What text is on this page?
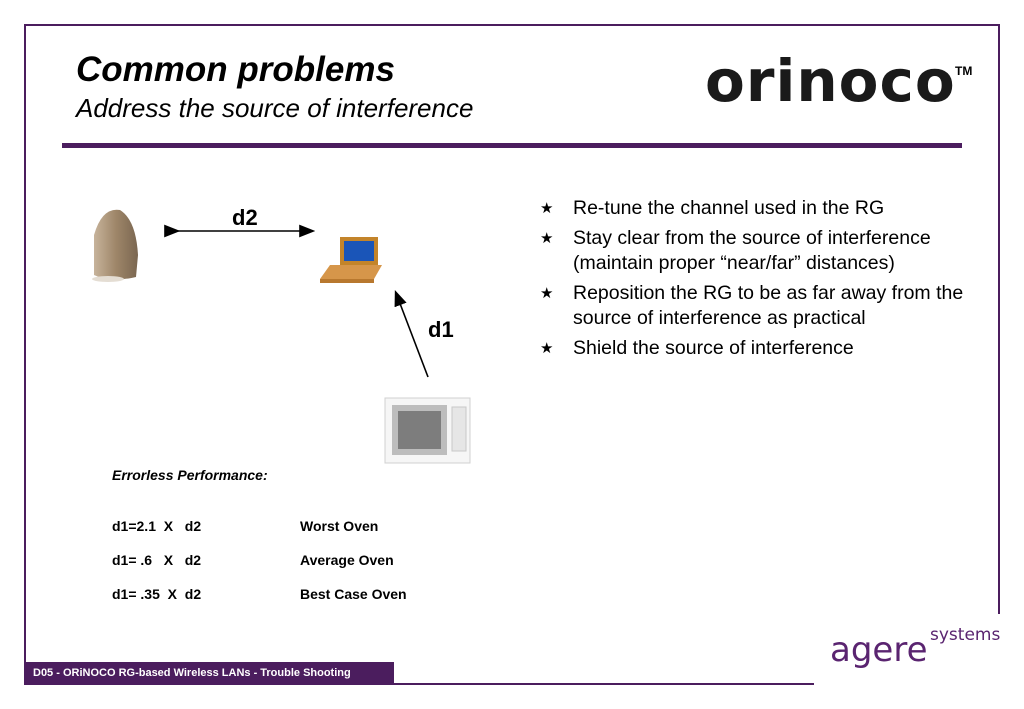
Common problems
Address the source of interference	orinoco TM
d2
d1
★ Re-tune the channel used in the RG
★ Stay clear from the source of interference (maintain proper “near/far” distances)
★ Reposition the RG to be as far away from the source of interference as practical
★ Shield the source of interference
Errorless Performance:
d1=2.1  X   d2	Worst Oven
d1= .6   X   d2	Average Oven
d1= .35  X  d2	Best Case Oven
D05 - ORiNOCO RG-based Wireless LANs - Trouble Shooting
agere systems
